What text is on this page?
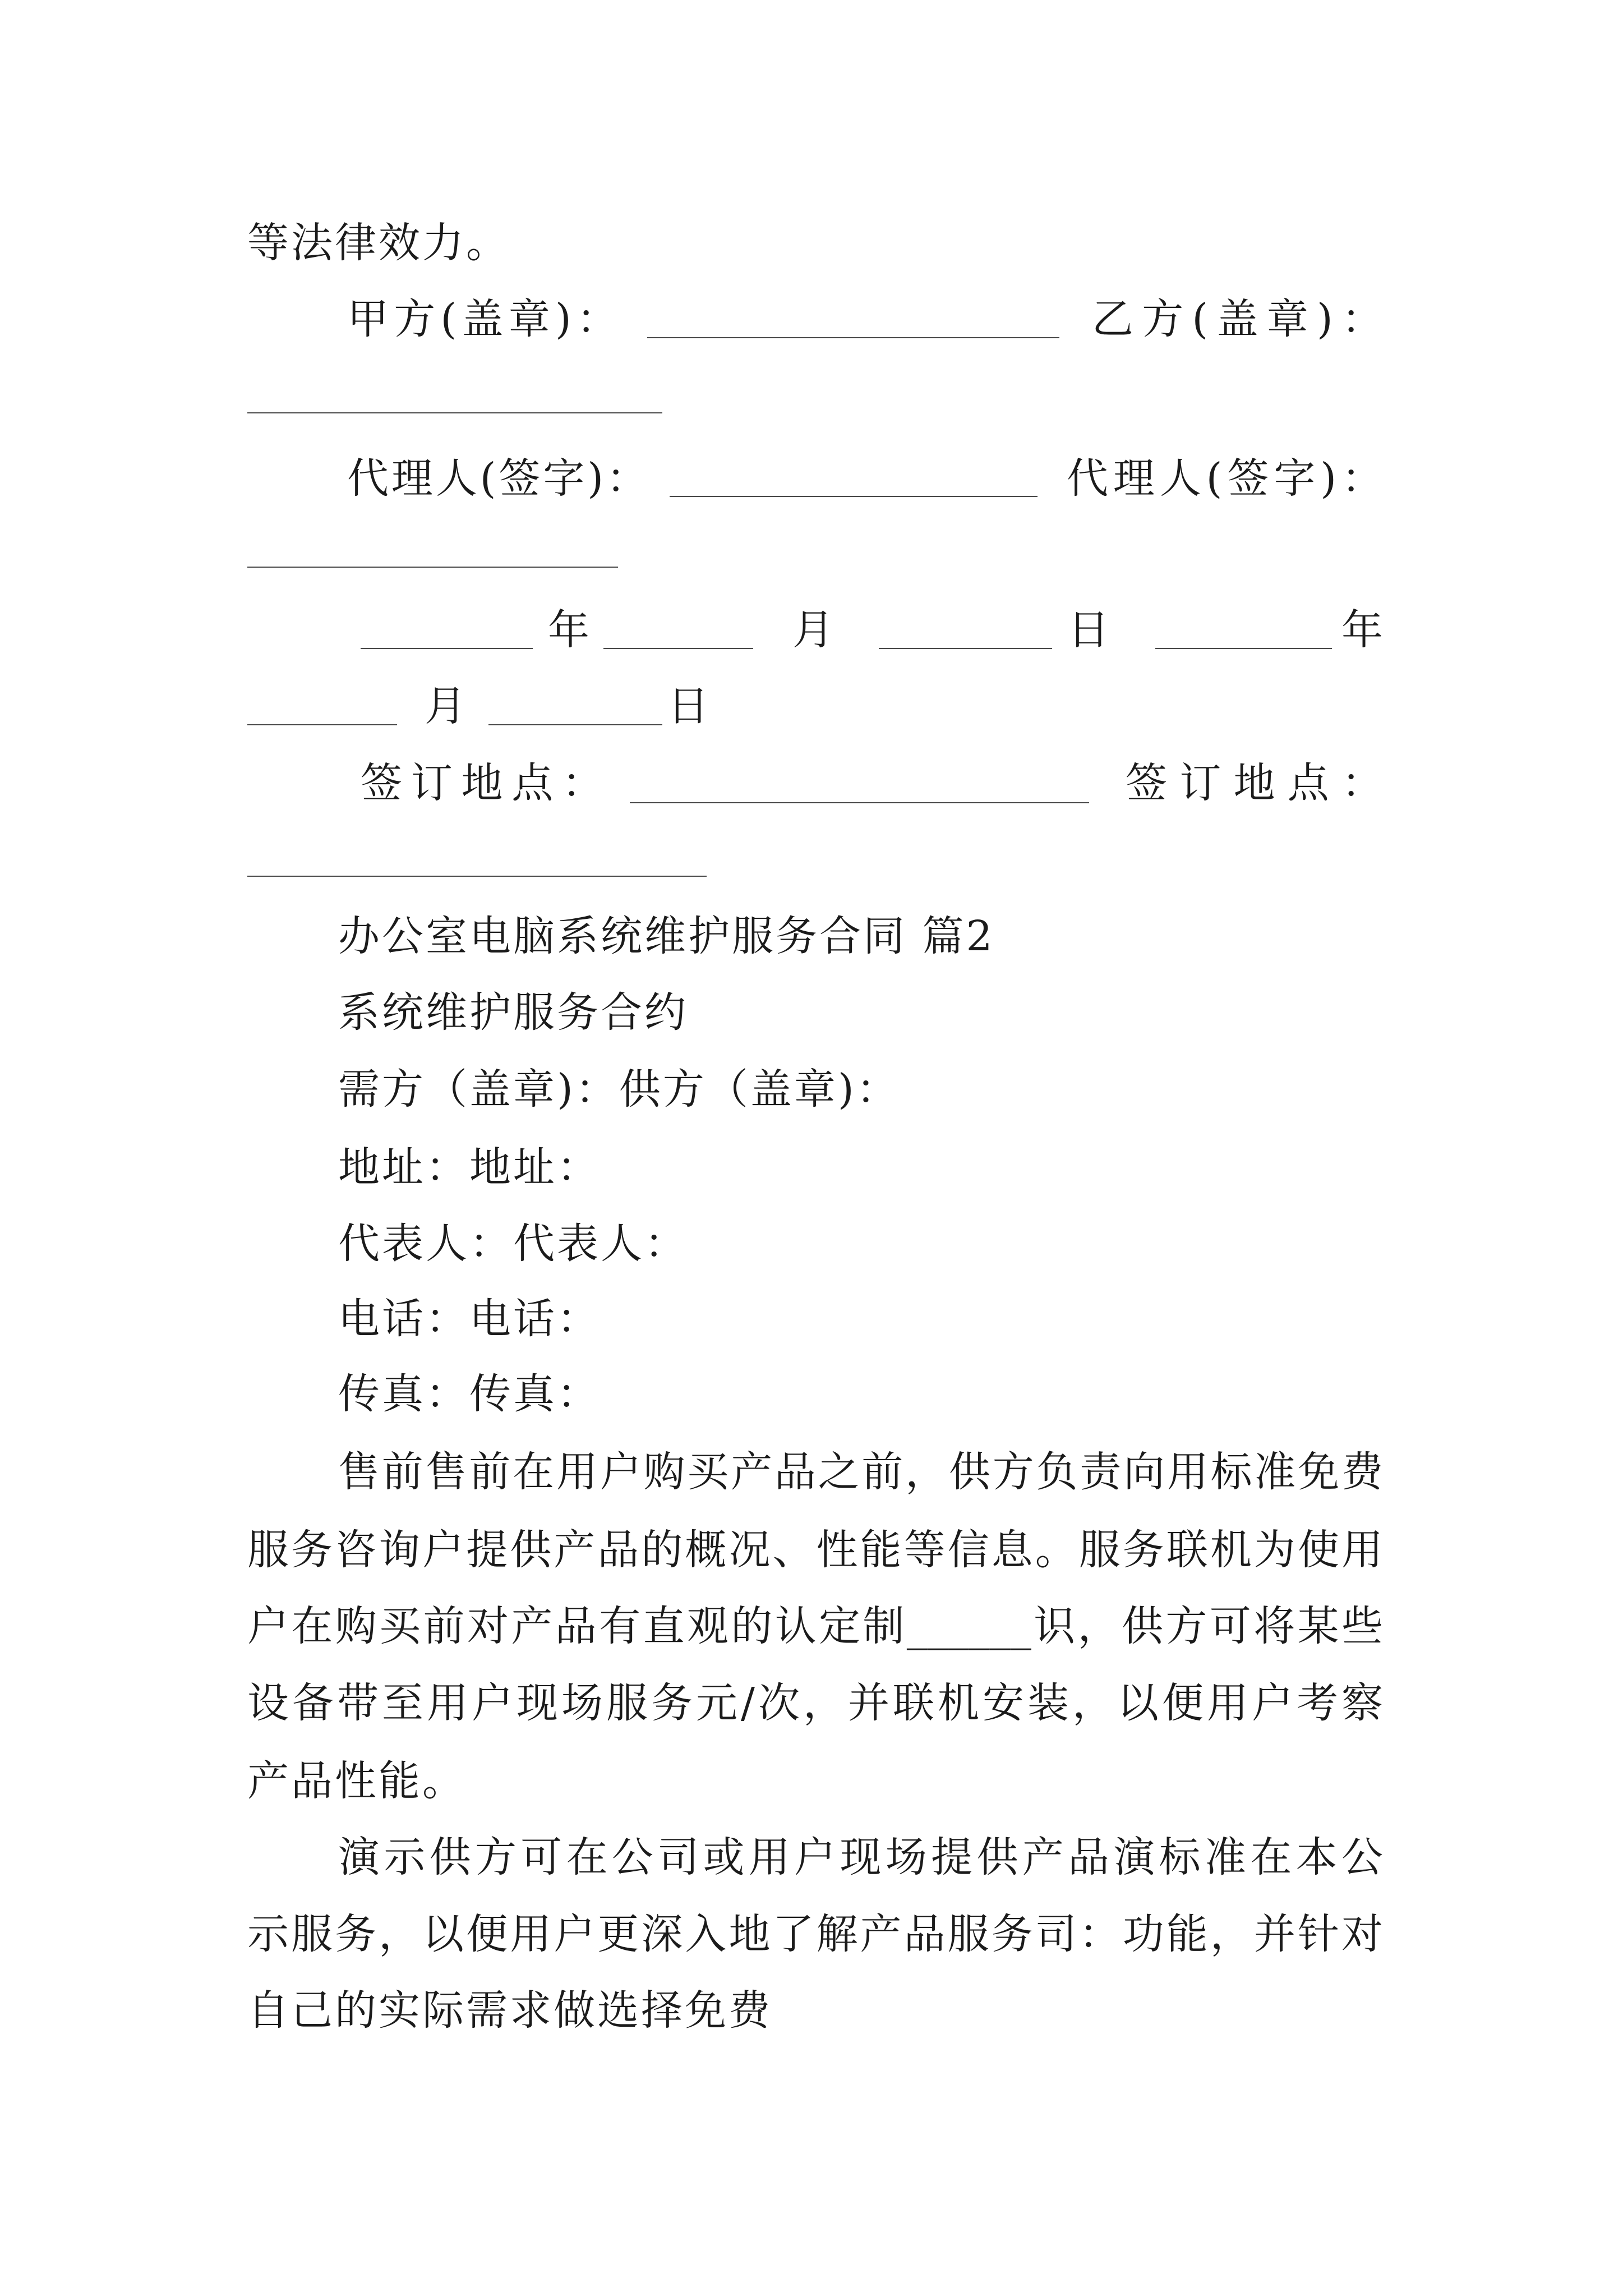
等法律效力。
甲方(盖章)：	乙方(盖章)：
代理人(签字)：	代理人(签字)：
年	月	日	年
月	日
签订地点：	签订地点：
办公室电脑系统维护服务合同 篇2
系统维护服务合约
需方（盖章)：供方（盖章)：
地址：地址：
代表人：代表人：
电话：电话：
传真：传真：
售前售前在用户购买产品之前，供方负责向用标准免费
服务咨询户提供产品的概况、性能等信息。服务联机为使用
户在购买前对产品有直观的认定制______识，供方可将某些
设备带至用户现场服务元/次，并联机安装，以便用户考察
产品性能。
演示供方可在公司或用户现场提供产品演标准在本公
示服务，以便用户更深入地了解产品服务司：功能，并针对
自己的实际需求做选择免费
